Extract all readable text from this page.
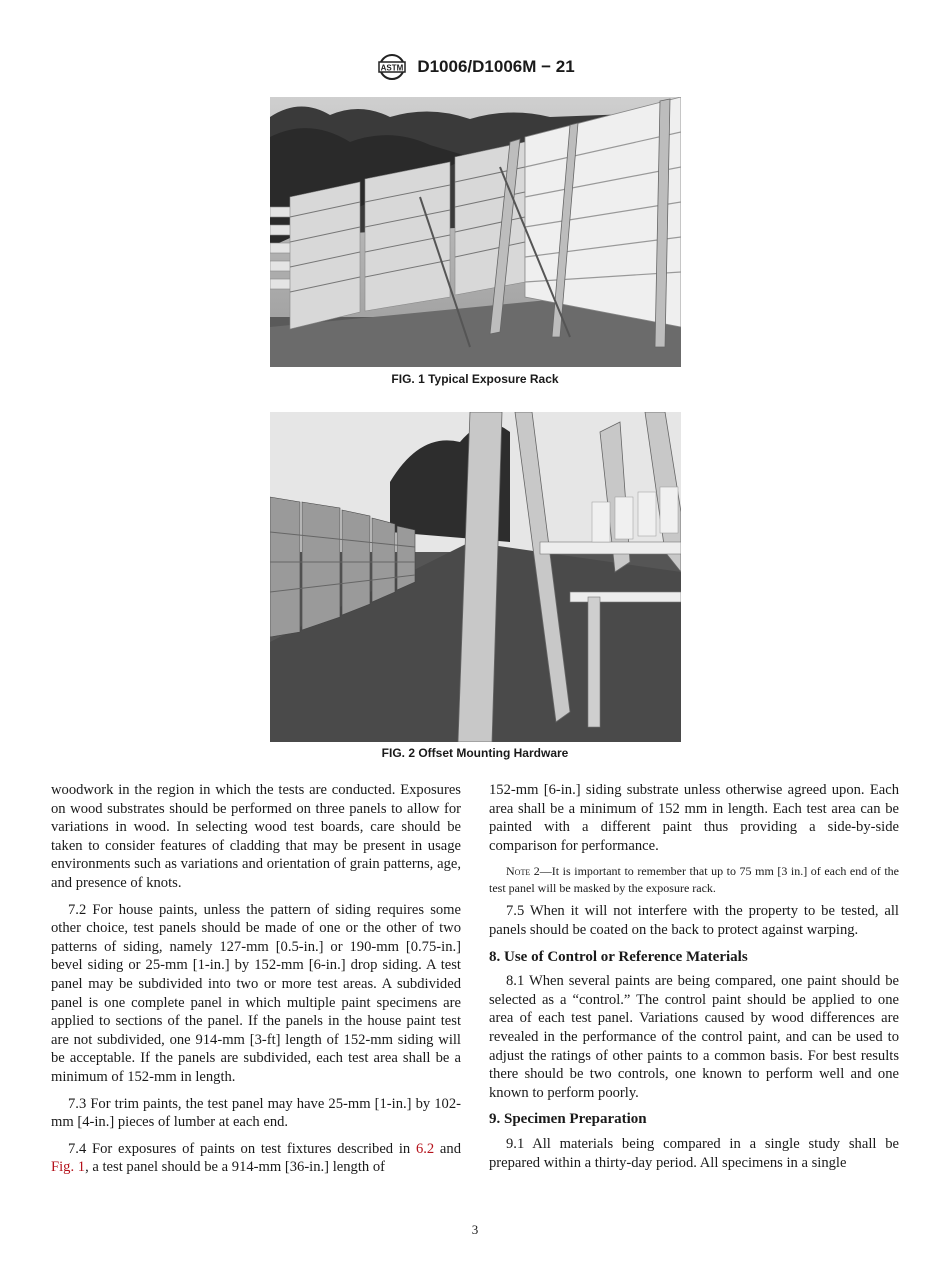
ASTM D1006/D1006M − 21
FIG. 1 Typical Exposure Rack
FIG. 2 Offset Mounting Hardware

woodwork in the region in which the tests are conducted. Exposures on wood substrates should be performed on three panels to allow for variations in wood. In selecting wood test boards, care should be taken to consider features of cladding that may be present in usage environments such as variations and orientation of grain patterns, age, and presence of knots.

7.2 For house paints, unless the pattern of siding requires some other choice, test panels should be made of one or the other of two patterns of siding, namely 127-mm [0.5-in.] or 190-mm [0.75-in.] bevel siding or 25-mm [1-in.] by 152-mm [6-in.] drop siding. A test panel may be subdivided into two or more test areas. A subdivided panel is one complete panel in which multiple paint specimens are applied to sections of the panel. If the panels in the house paint test are not subdivided, one 914-mm [3-ft] length of 152-mm siding will be acceptable. If the panels are subdivided, each test area shall be a minimum of 152-mm in length.

7.3 For trim paints, the test panel may have 25-mm [1-in.] by 102-mm [4-in.] pieces of lumber at each end.

7.4 For exposures of paints on test fixtures described in 6.2 and Fig. 1, a test panel should be a 914-mm [36-in.] length of

152-mm [6-in.] siding substrate unless otherwise agreed upon. Each area shall be a minimum of 152 mm in length. Each test area can be painted with a different paint thus providing a side-by-side comparison for performance.

Note 2—It is important to remember that up to 75 mm [3 in.] of each end of the test panel will be masked by the exposure rack.

7.5 When it will not interfere with the property to be tested, all panels should be coated on the back to protect against warping.

8. Use of Control or Reference Materials

8.1 When several paints are being compared, one paint should be selected as a “control.” The control paint should be applied to one area of each test panel. Variations caused by wood differences are revealed in the performance of the control paint, and can be used to adjust the ratings of other paints to a common basis. For best results there should be two controls, one known to perform well and one known to perform poorly.

9. Specimen Preparation

9.1 All materials being compared in a single study shall be prepared within a thirty-day period. All specimens in a single

3
